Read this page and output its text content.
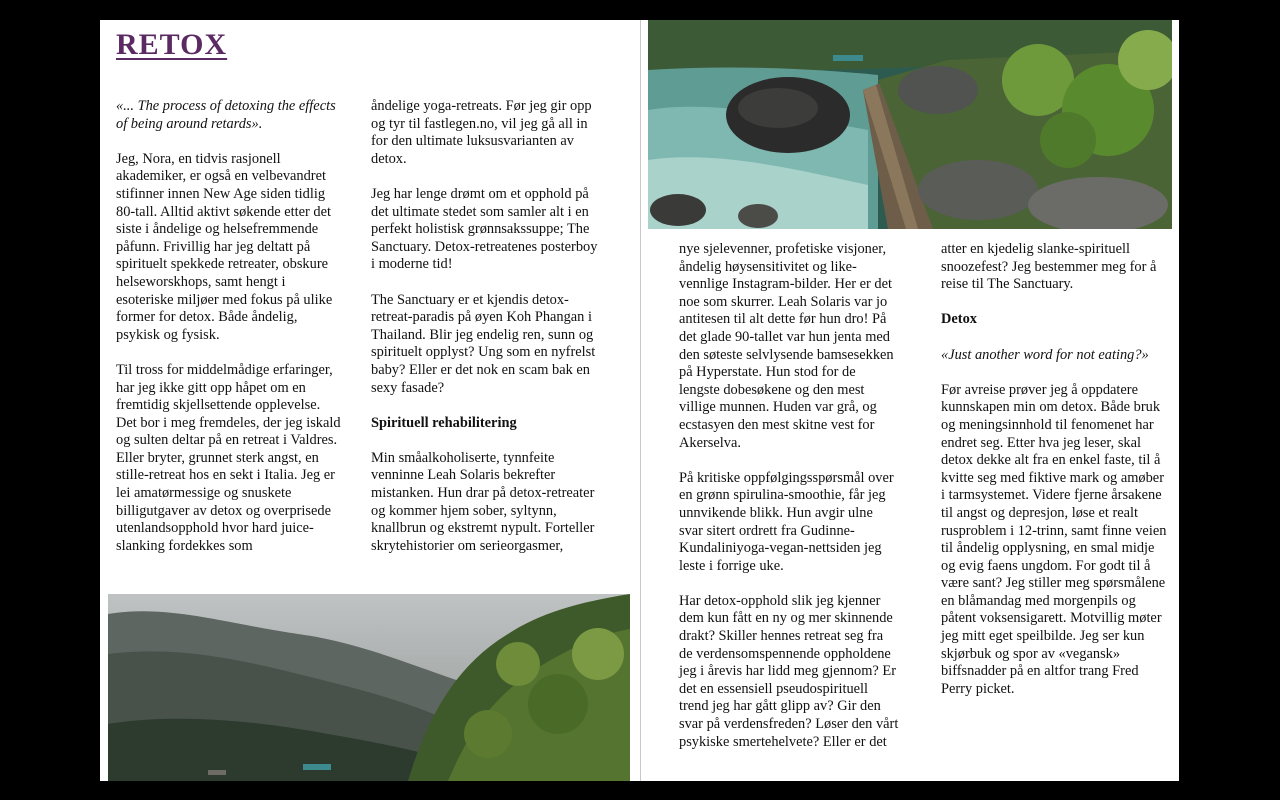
RETOX

«... The process of detoxing the effects of being around retards».

Jeg, Nora, en tidvis rasjonell akademiker, er også en velbevandret stifinner innen New Age siden tidlig 80-tall. Alltid aktivt søkende etter det siste i åndelige og helsefremmende påfunn. Frivillig har jeg deltatt på spirituelt spekkede retreater, obskure helseworskhops, samt hengt i esoteriske miljøer med fokus på ulike former for detox. Både åndelig, psykisk og fysisk.

Til tross for middelmådige erfaringer, har jeg ikke gitt opp håpet om en fremtidig skjellsettende opplevelse. Det bor i meg fremdeles, der jeg iskald og sulten deltar på en retreat i Valdres. Eller bryter, grunnet sterk angst, en stille-retreat hos en sekt i Italia. Jeg er lei amatørmessige og snuskete billigutgaver av detox og overprisede utenlandsopphold hvor hard juice-slanking fordekkes som

åndelige yoga-retreats. Før jeg gir opp og tyr til fastlegen.no, vil jeg gå all in for den ultimate luksusvarianten av detox.

Jeg har lenge drømt om et opphold på det ultimate stedet som samler alt i en perfekt holistisk grønnsakssuppe; The Sanctuary. Detox-retreatenes posterboy i moderne tid!

The Sanctuary er et kjendis detox-retreat-paradis på øyen Koh Phangan i Thailand. Blir jeg endelig ren, sunn og spirituelt opplyst? Ung som en nyfrelst baby? Eller er det nok en scam bak en sexy fasade?

Spirituell rehabilitering

Min småalkoholiserte, tynnfeite venninne Leah Solaris bekrefter mistanken. Hun drar på detox-retreater og kommer hjem sober, syltynn, knallbrun og ekstremt nypult. Forteller skrytehistorier om serieorgasmer,

nye sjelevenner, profetiske visjoner, åndelig høysensitivitet og like-vennlige Instagram-bilder. Her er det noe som skurrer. Leah Solaris var jo antitesen til alt dette før hun dro! På det glade 90-tallet var hun jenta med den søteste selvlysende bamsesekken på Hyperstate. Hun stod for de lengste dobesøkene og den mest villige munnen. Huden var grå, og ecstasyen den mest skitne vest for Akerselva.

På kritiske oppfølgingsspørsmål over en grønn spirulina-smoothie, får jeg unnvikende blikk. Hun avgir ulne svar sitert ordrett fra Gudinne-Kundaliniyoga-vegan-nettsiden jeg leste i forrige uke.

Har detox-opphold slik jeg kjenner dem kun fått en ny og mer skinnende drakt? Skiller hennes retreat seg fra de verdensomspennende oppholdene jeg i årevis har lidd meg gjennom? Er det en essensiell pseudospirituell trend jeg har gått glipp av? Gir den svar på verdensfreden? Løser den vårt psykiske smertehelvete? Eller er det

atter en kjedelig slanke-spirituell snoozefest? Jeg bestemmer meg for å reise til The Sanctuary.

Detox

«Just another word for not eating?»

Før avreise prøver jeg å oppdatere kunnskapen min om detox. Både bruk og meningsinnhold til fenomenet har endret seg. Etter hva jeg leser, skal detox dekke alt fra en enkel faste, til å kvitte seg med fiktive mark og amøber i tarmsystemet. Videre fjerne årsakene til angst og depresjon, løse et realt rusproblem i 12-trinn, samt finne veien til åndelig opplysning, en smal midje og evig faens ungdom. For godt til å være sant? Jeg stiller meg spørsmålene en blåmandag med morgenpils og påtent voksensigarett. Motvillig møter jeg mitt eget speilbilde. Jeg ser kun skjørbuk og spor av «vegansk» biffsnadder på en altfor trang Fred Perry picket.
